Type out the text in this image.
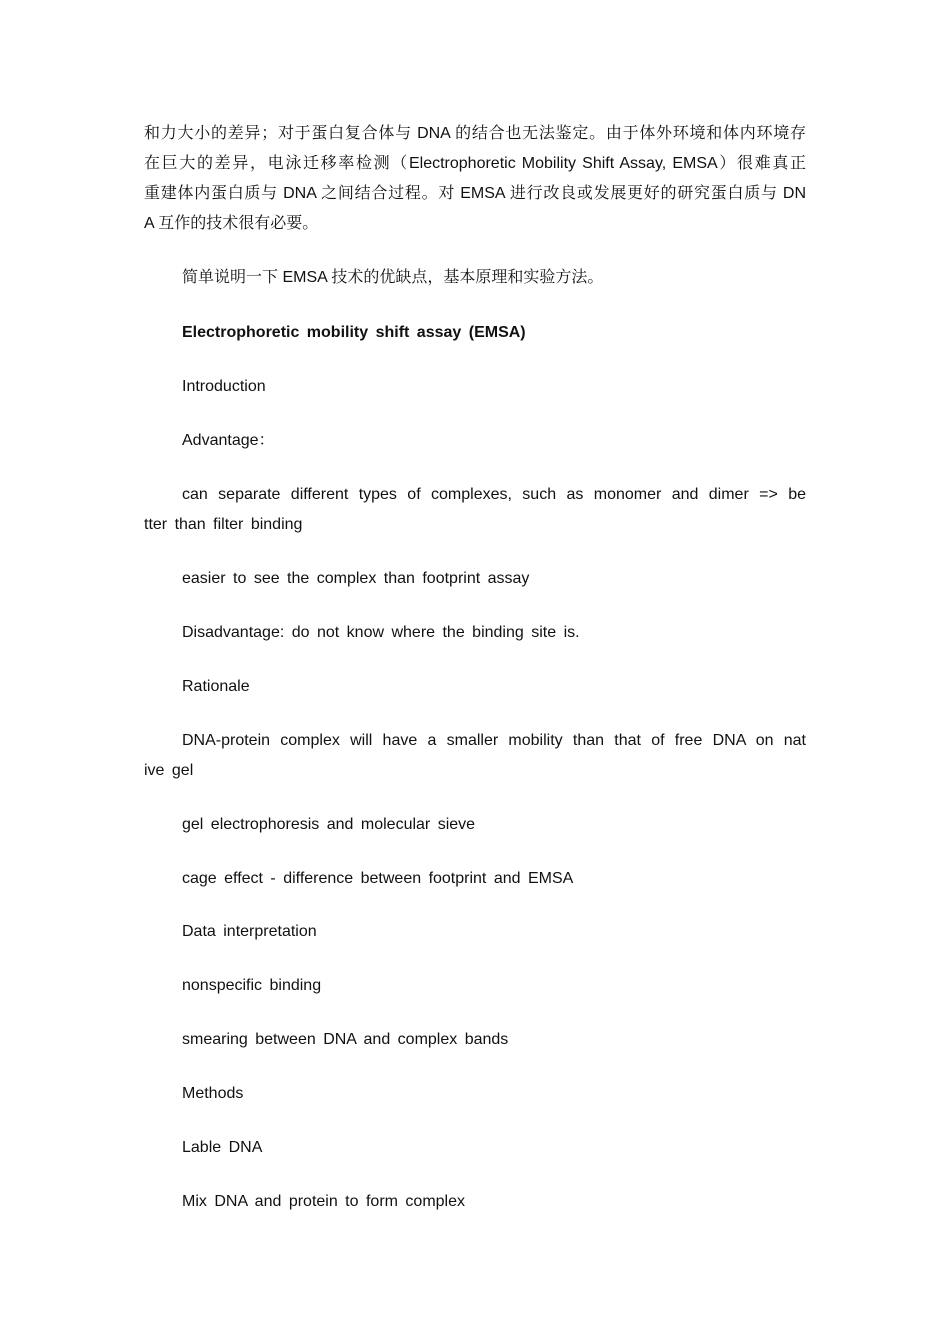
和力大小的差异；对于蛋白复合体与 DNA 的结合也无法鉴定。由于体外环境和体内环境存
在巨大的差异，电泳迁移率检测（Electrophoretic Mobility Shift Assay, EMSA）很难真正
重建体内蛋白质与 DNA 之间结合过程。对 EMSA 进行改良或发展更好的研究蛋白质与 DN
A 互作的技术很有必要。
简单说明一下 EMSA 技术的优缺点，基本原理和实验方法。
Electrophoretic mobility shift assay (EMSA)
Introduction
Advantage：
can separate different types of complexes, such as monomer and dimer => be
tter than filter binding
easier to see the complex than footprint assay
Disadvantage: do not know where the binding site is.
Rationale
DNA-protein complex will have a smaller mobility than that of free DNA on nat
ive gel
gel electrophoresis and molecular sieve
cage effect - difference between footprint and EMSA
Data interpretation
nonspecific binding
smearing between DNA and complex bands
Methods
Lable DNA
Mix DNA and protein to form complex
